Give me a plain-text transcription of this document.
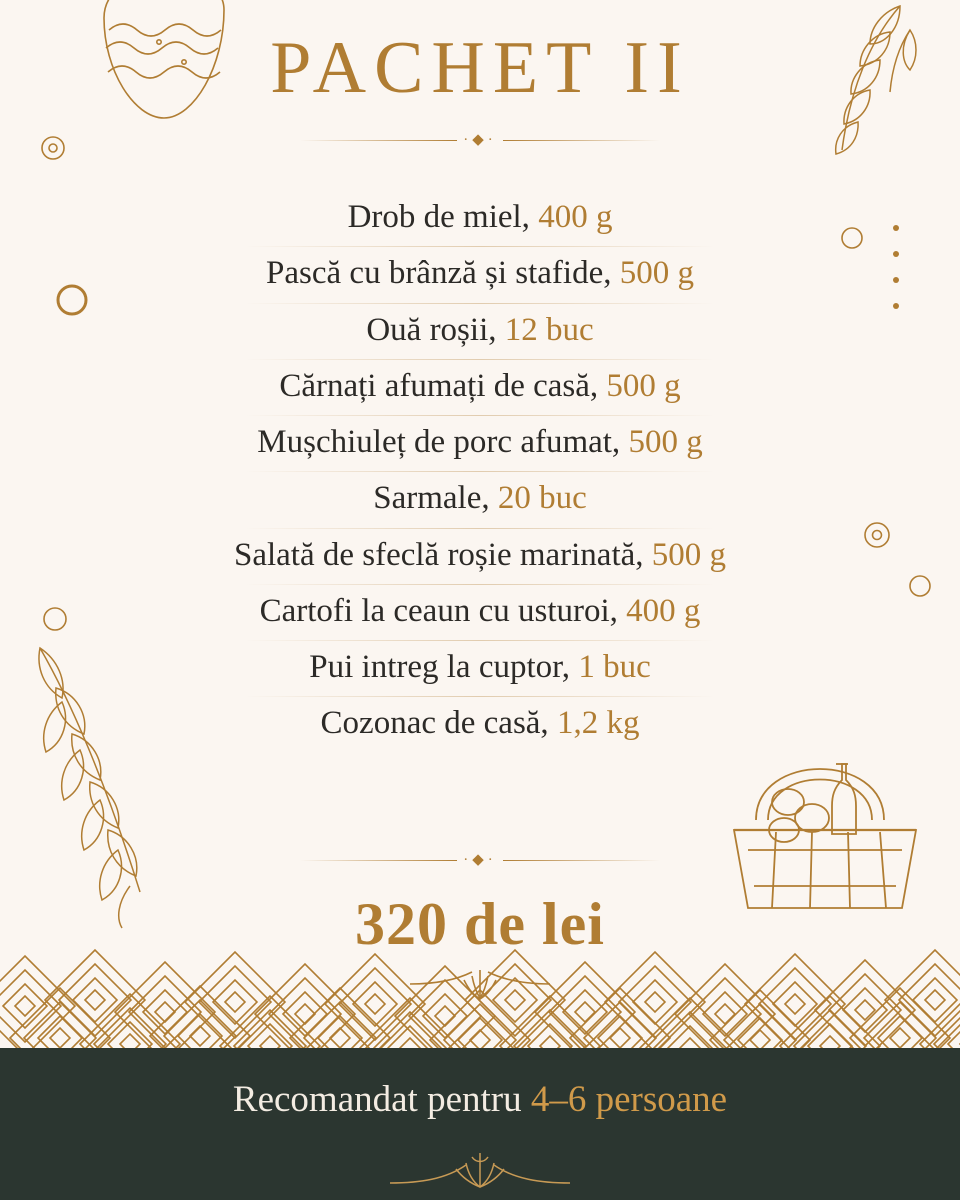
PACHET II
·◆·
Drob de miel, 400 g
Pască cu brânză și stafide, 500 g
Ouă roșii, 12 buc
Cărnați afumați de casă, 500 g
Mușchiuleț de porc afumat, 500 g
Sarmale, 20 buc
Salată de sfeclă roșie marinată, 500 g
Cartofi la ceaun cu usturoi, 400 g
Pui intreg la cuptor, 1 buc
Cozonac de casă, 1,2 kg
·◆·
320 de lei
Recomandat pentru 4–6 persoane
